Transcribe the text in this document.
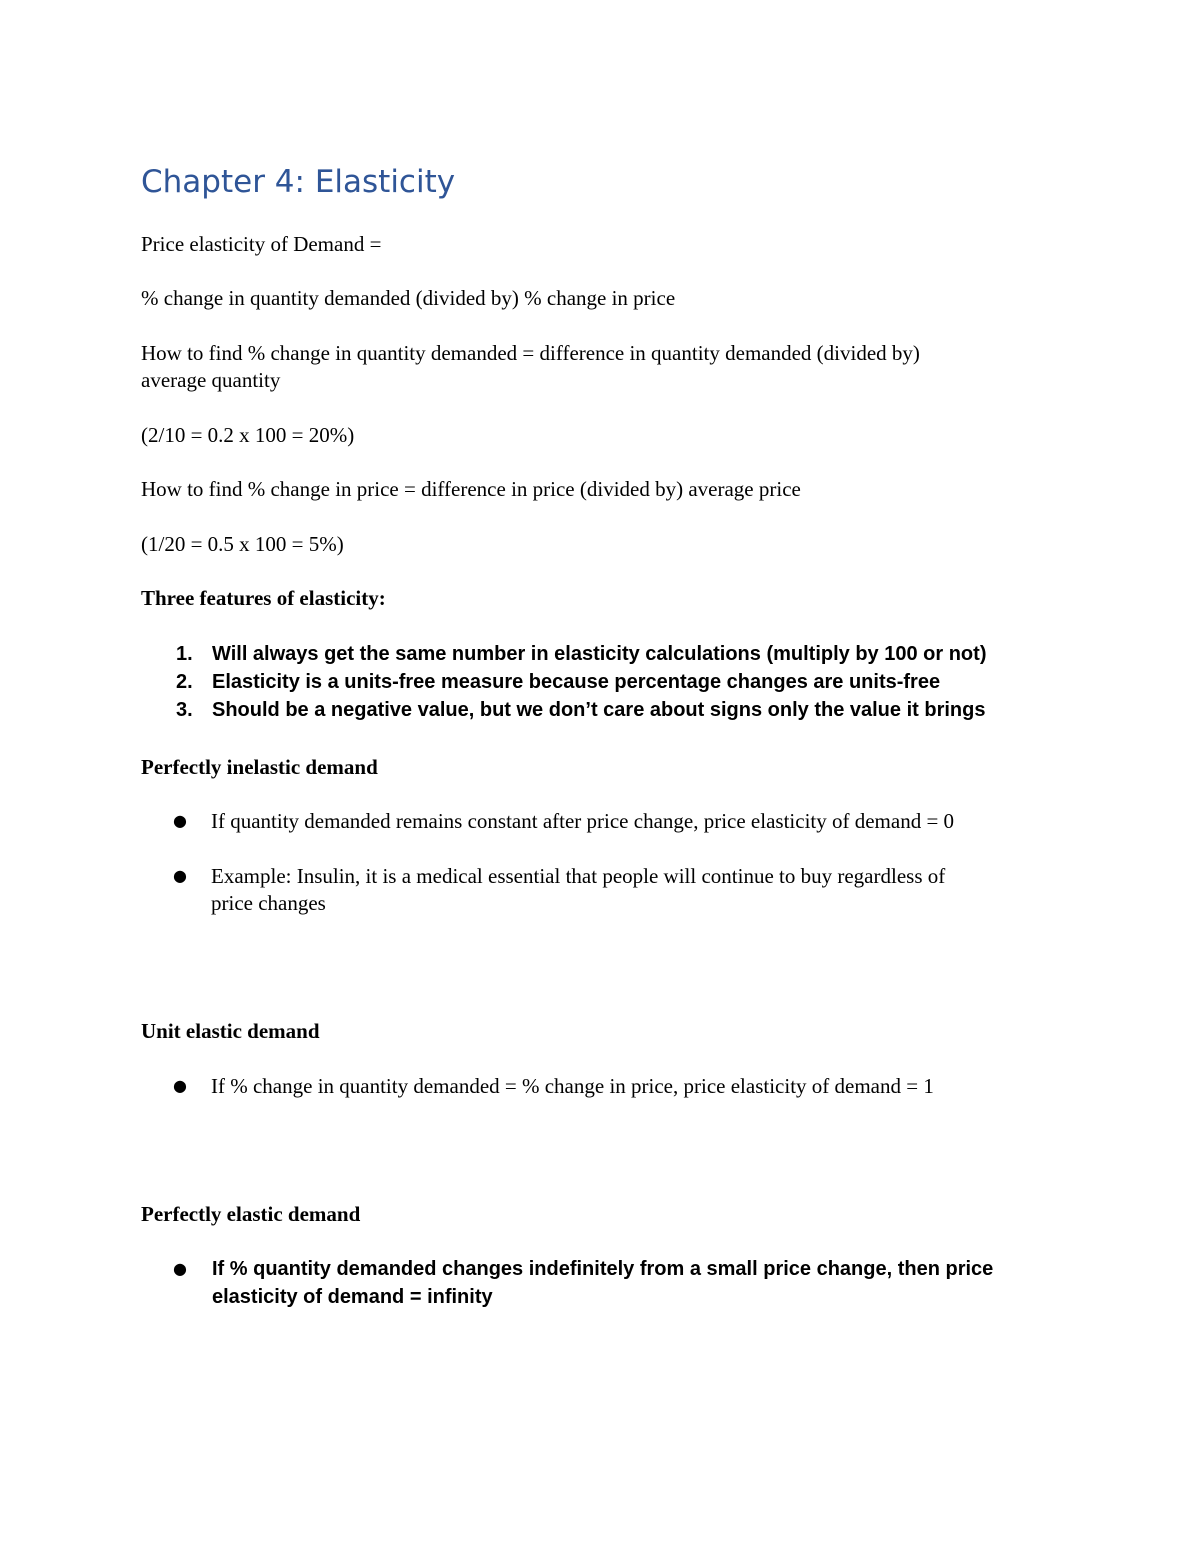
Chapter 4: Elasticity

Price elasticity of Demand =

% change in quantity demanded (divided by) % change in price

How to find % change in quantity demanded = difference in quantity demanded (divided by)

average quantity

(2/10 = 0.2 x 100 = 20%)

How to find % change in price = difference in price (divided by) average price

(1/20 = 0.5 x 100 = 5%)

Three features of elasticity:

1. Will always get the same number in elasticity calculations (multiply by 100 or not)
2. Elasticity is a units-free measure because percentage changes are units-free
3. Should be a negative value, but we don’t care about signs only the value it brings

Perfectly inelastic demand

● If quantity demanded remains constant after price change, price elasticity of demand = 0

● Example: Insulin, it is a medical essential that people will continue to buy regardless of

price changes

Unit elastic demand

● If % change in quantity demanded = % change in price, price elasticity of demand = 1

Perfectly elastic demand

● If % quantity demanded changes indefinitely from a small price change, then price

elasticity of demand = infinity
